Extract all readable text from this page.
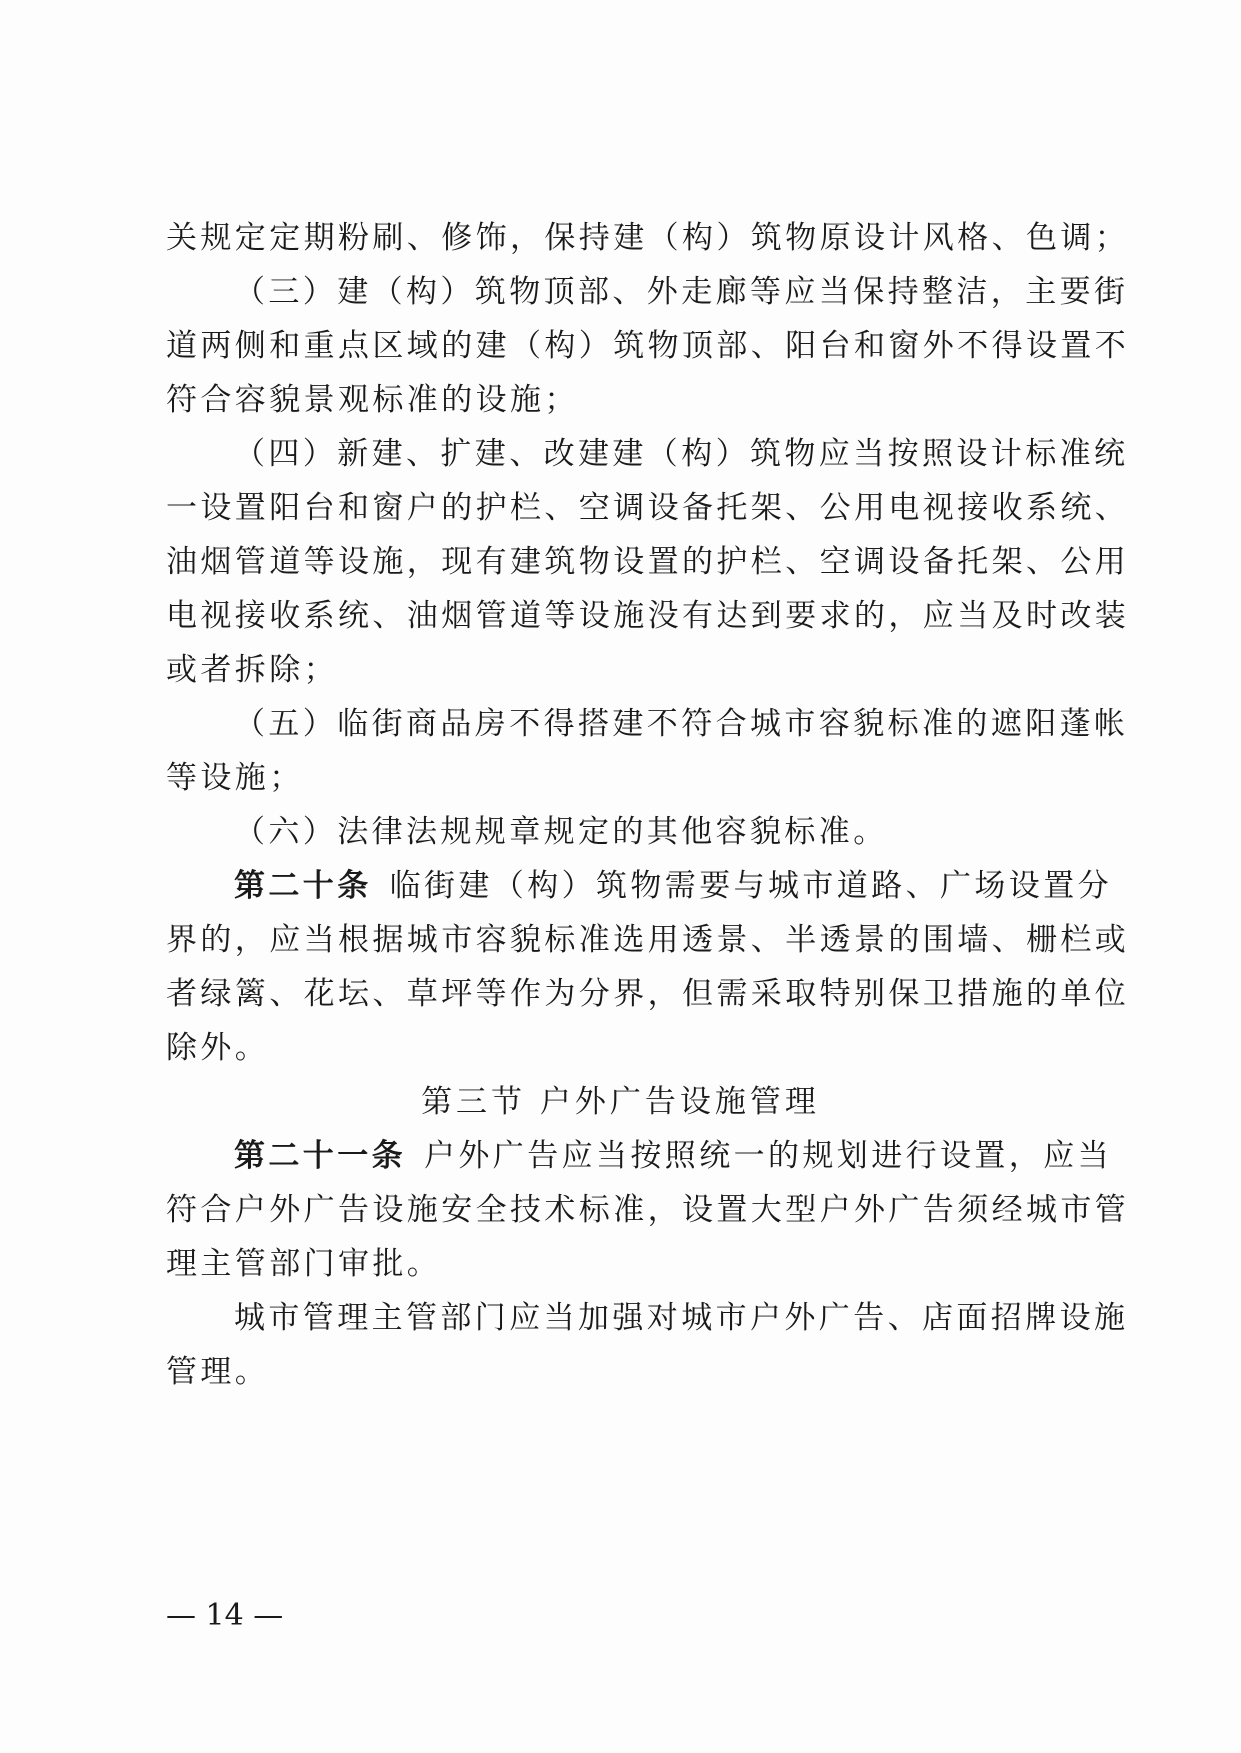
关规定定期粉刷、修饰，保持建（构）筑物原设计风格、色调；
（三）建（构）筑物顶部、外走廊等应当保持整洁，主要街
道两侧和重点区域的建（构）筑物顶部、阳台和窗外不得设置不
符合容貌景观标准的设施；
（四）新建、扩建、改建建（构）筑物应当按照设计标准统
一设置阳台和窗户的护栏、空调设备托架、公用电视接收系统、
油烟管道等设施，现有建筑物设置的护栏、空调设备托架、公用
电视接收系统、油烟管道等设施没有达到要求的，应当及时改装
或者拆除；
（五）临街商品房不得搭建不符合城市容貌标准的遮阳蓬帐
等设施；
（六）法律法规规章规定的其他容貌标准。
第二十条 临街建（构）筑物需要与城市道路、广场设置分
界的，应当根据城市容貌标准选用透景、半透景的围墙、栅栏或
者绿篱、花坛、草坪等作为分界，但需采取特别保卫措施的单位
除外。
第三节 户外广告设施管理
第二十一条 户外广告应当按照统一的规划进行设置，应当
符合户外广告设施安全技术标准，设置大型户外广告须经城市管
理主管部门审批。
城市管理主管部门应当加强对城市户外广告、店面招牌设施
管理。
— 14 —
